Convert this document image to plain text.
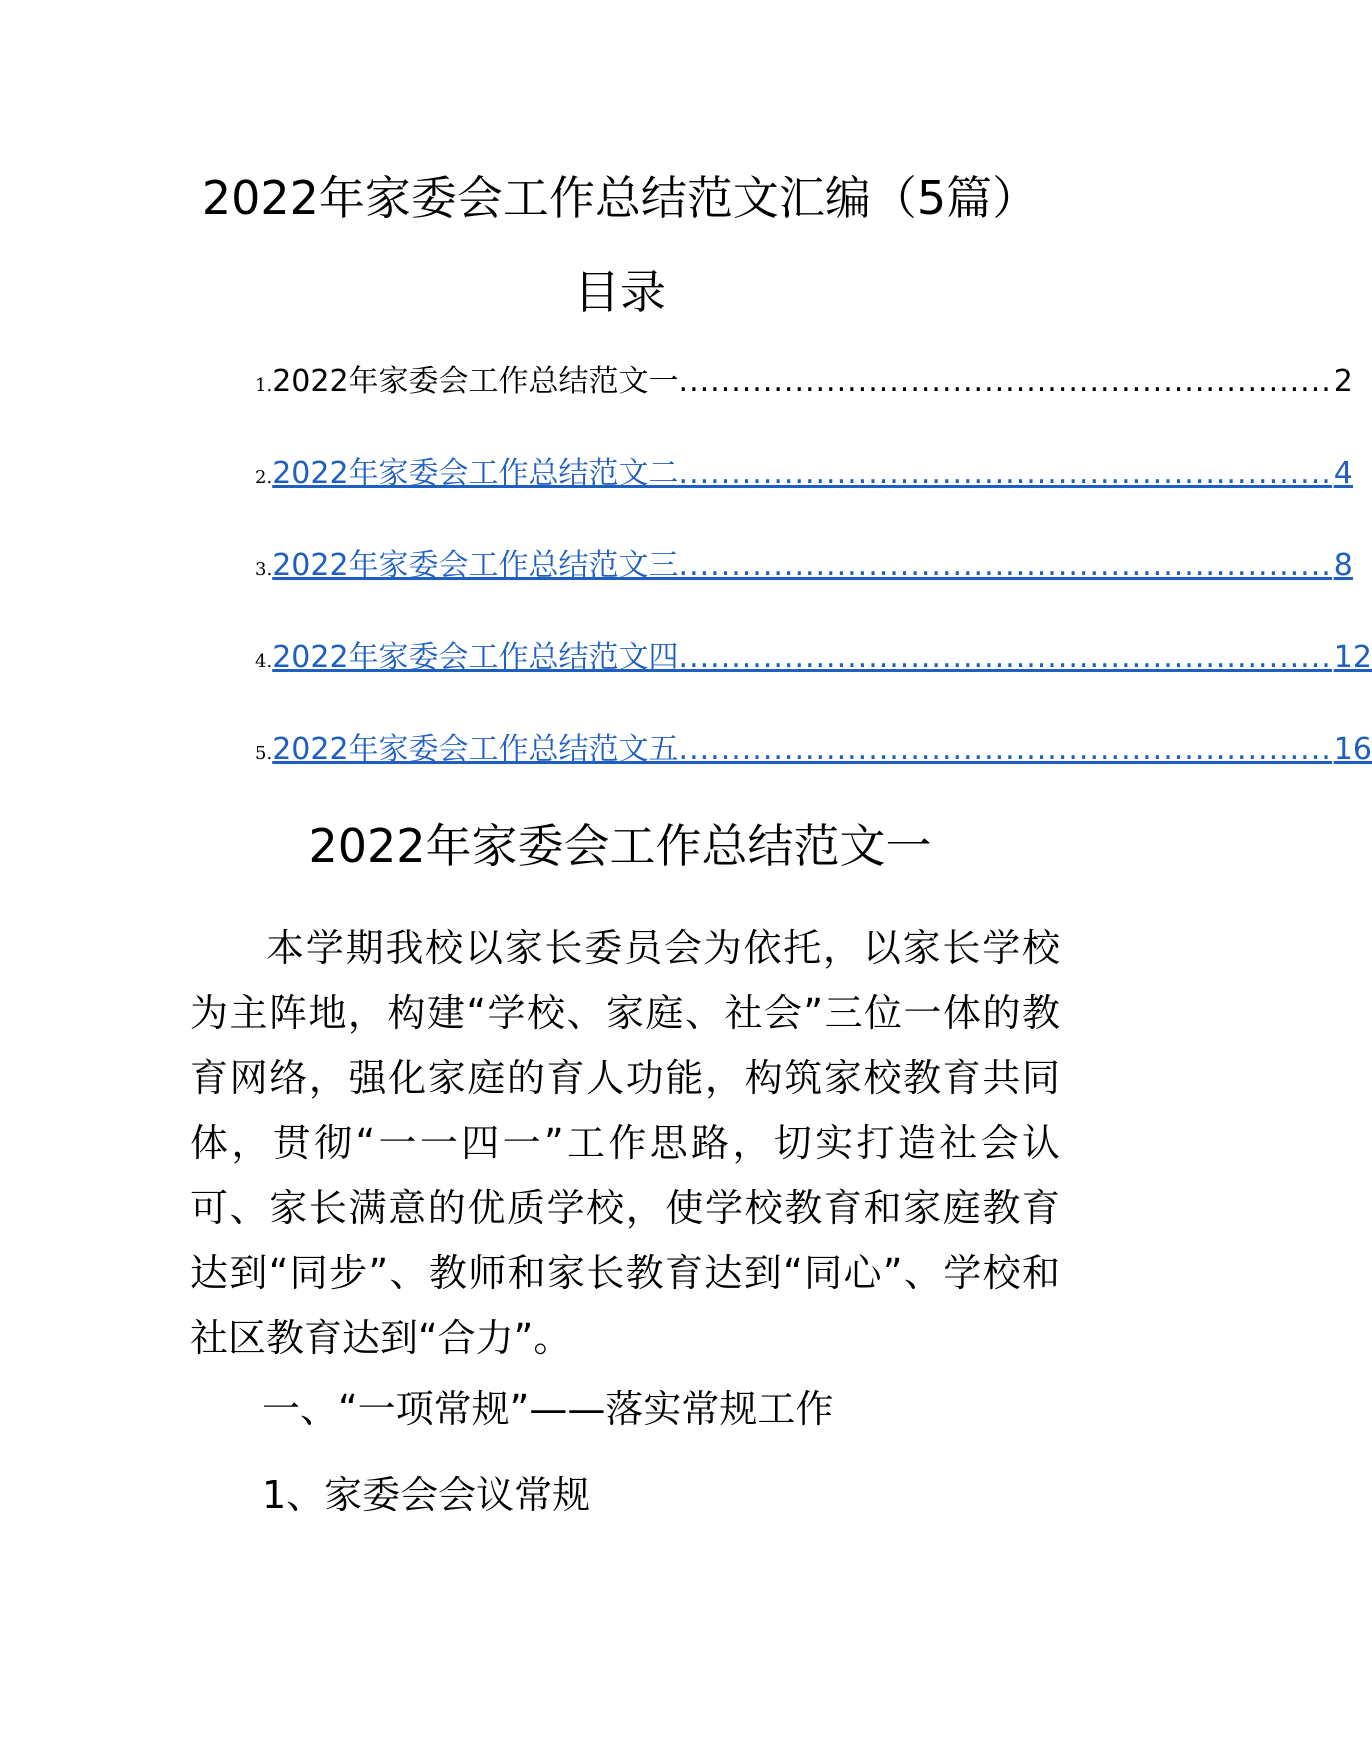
2022年家委会工作总结范文汇编（5篇）
目录
1. 2022年家委会工作总结范文一 .............................................................. 2
2. 2022年家委会工作总结范文二 .............................................................. 4
3. 2022年家委会工作总结范文三 .............................................................. 8
4. 2022年家委会工作总结范文四 .............................................................. 12
5. 2022年家委会工作总结范文五 .............................................................. 16
2022年家委会工作总结范文一

本学期我校以家长委员会为依托，以家长学校为主阵地，构建“学校、家庭、社会”三位一体的教育网络，强化家庭的育人功能，构筑家校教育共同体，贯彻“一一四一”工作思路，切实打造社会认可、家长满意的优质学校，使学校教育和家庭教育达到“同步”、教师和家长教育达到“同心”、学校和社区教育达到“合力”。

一、“一项常规”——落实常规工作

1、家委会会议常规
